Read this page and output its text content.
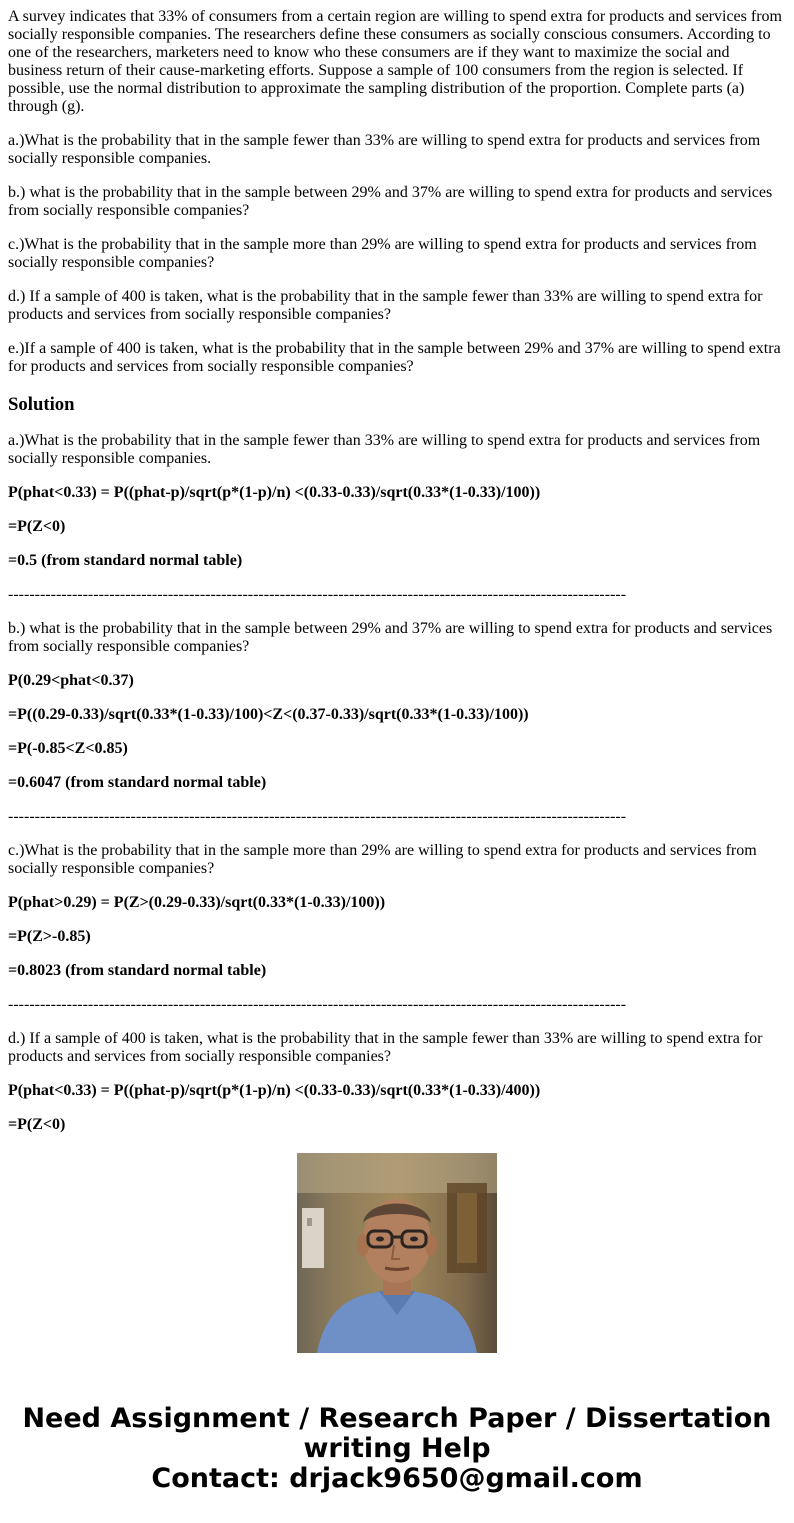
A survey indicates that 33% of consumers from a certain region are willing to spend extra for products and services from socially responsible companies. The researchers define these consumers as socially conscious consumers. According to one of the researchers, marketers need to know who these consumers are if they want to maximize the social and business return of their cause-marketing efforts. Suppose a sample of 100 consumers from the region is selected. If possible, use the normal distribution to approximate the sampling distribution of the proportion. Complete parts (a) through (g).

a.)What is the probability that in the sample fewer than 33% are willing to spend extra for products and services from socially responsible companies.

b.) what is the probability that in the sample between 29% and 37% are willing to spend extra for products and services from socially responsible companies?

c.)What is the probability that in the sample more than 29% are willing to spend extra for products and services from socially responsible companies?

d.) If a sample of 400 is taken, what is the probability that in the sample fewer than 33% are willing to spend extra for products and services from socially responsible companies?

e.)If a sample of 400 is taken, what is the probability that in the sample between 29% and 37% are willing to spend extra for products and services from socially responsible companies?

Solution

a.)What is the probability that in the sample fewer than 33% are willing to spend extra for products and services from socially responsible companies.

P(phat<0.33) = P((phat-p)/sqrt(p*(1-p)/n) <(0.33-0.33)/sqrt(0.33*(1-0.33)/100))

=P(Z<0)

=0.5 (from standard normal table)

--------------------------------------------------------------------------------------------------------------------

b.) what is the probability that in the sample between 29% and 37% are willing to spend extra for products and services from socially responsible companies?

P(0.29<phat<0.37)

=P((0.29-0.33)/sqrt(0.33*(1-0.33)/100)<Z<(0.37-0.33)/sqrt(0.33*(1-0.33)/100))

=P(-0.85<Z<0.85)

=0.6047 (from standard normal table)

--------------------------------------------------------------------------------------------------------------------

c.)What is the probability that in the sample more than 29% are willing to spend extra for products and services from socially responsible companies?

P(phat>0.29) = P(Z>(0.29-0.33)/sqrt(0.33*(1-0.33)/100))

=P(Z>-0.85)

=0.8023 (from standard normal table)

--------------------------------------------------------------------------------------------------------------------

d.) If a sample of 400 is taken, what is the probability that in the sample fewer than 33% are willing to spend extra for products and services from socially responsible companies?

P(phat<0.33) = P((phat-p)/sqrt(p*(1-p)/n) <(0.33-0.33)/sqrt(0.33*(1-0.33)/400))

=P(Z<0)

Need Assignment / Research Paper / Dissertation
writing Help
Contact: drjack9650@gmail.com
